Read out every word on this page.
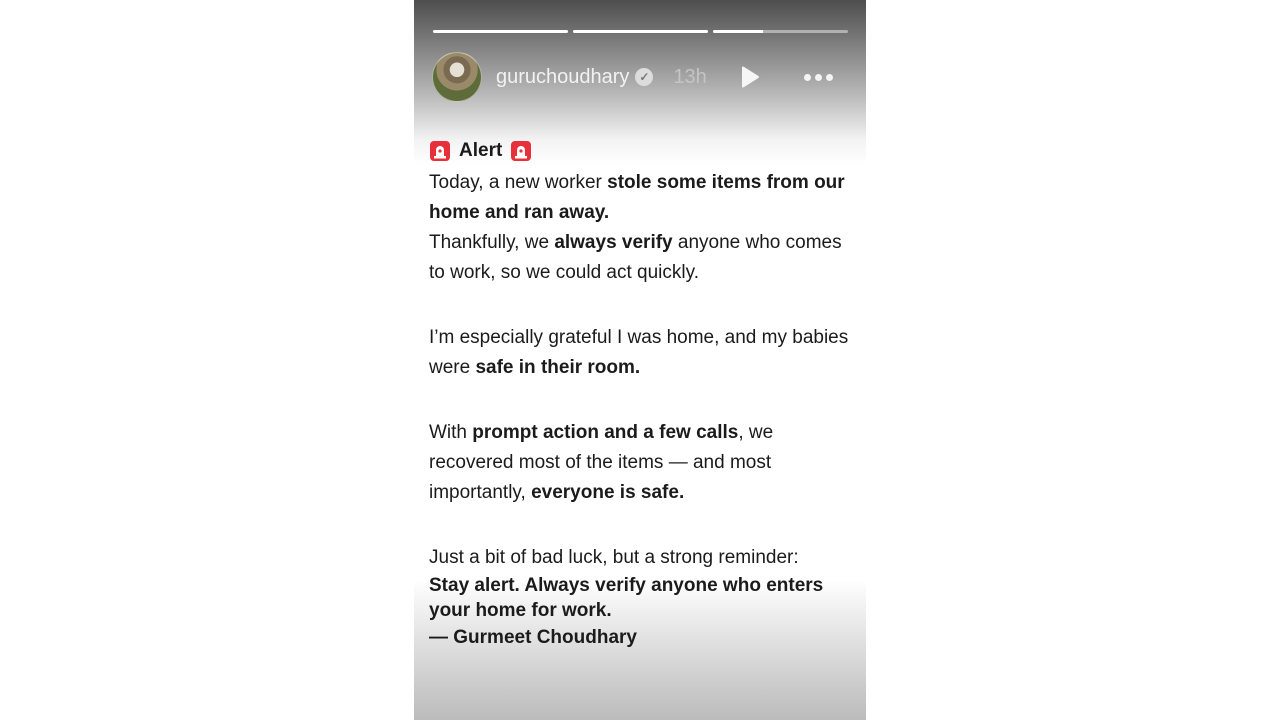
guruchoudhary ✓ 13h
Alert

Today, a new worker stole some items from our home and ran away.

Thankfully, we always verify anyone who comes to work, so we could act quickly.

I’m especially grateful I was home, and my babies were safe in their room.

With prompt action and a few calls, we recovered most of the items — and most importantly, everyone is safe.

Just a bit of bad luck, but a strong reminder:

Stay alert. Always verify anyone who enters your home for work.

— Gurmeet Choudhary
